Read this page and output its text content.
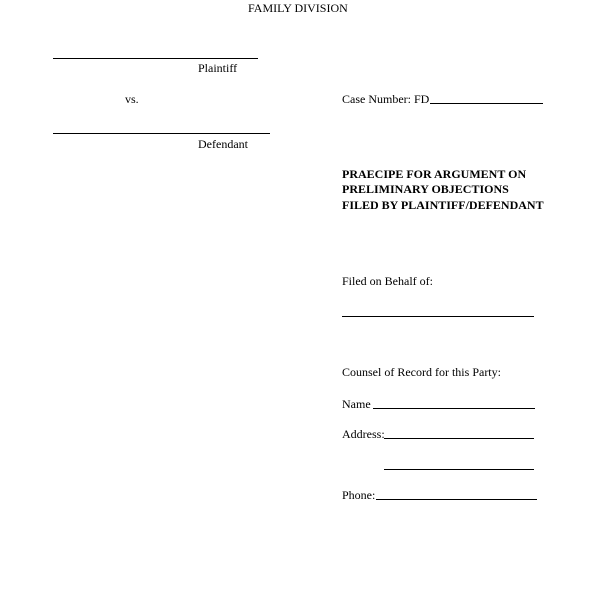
FAMILY DIVISION
Plaintiff
vs.	Case Number: FD
Defendant
PRAECIPE FOR ARGUMENT ON
PRELIMINARY OBJECTIONS
FILED BY PLAINTIFF/DEFENDANT
Filed on Behalf of:
Counsel of Record for this Party:
Name
Address:
Phone:
